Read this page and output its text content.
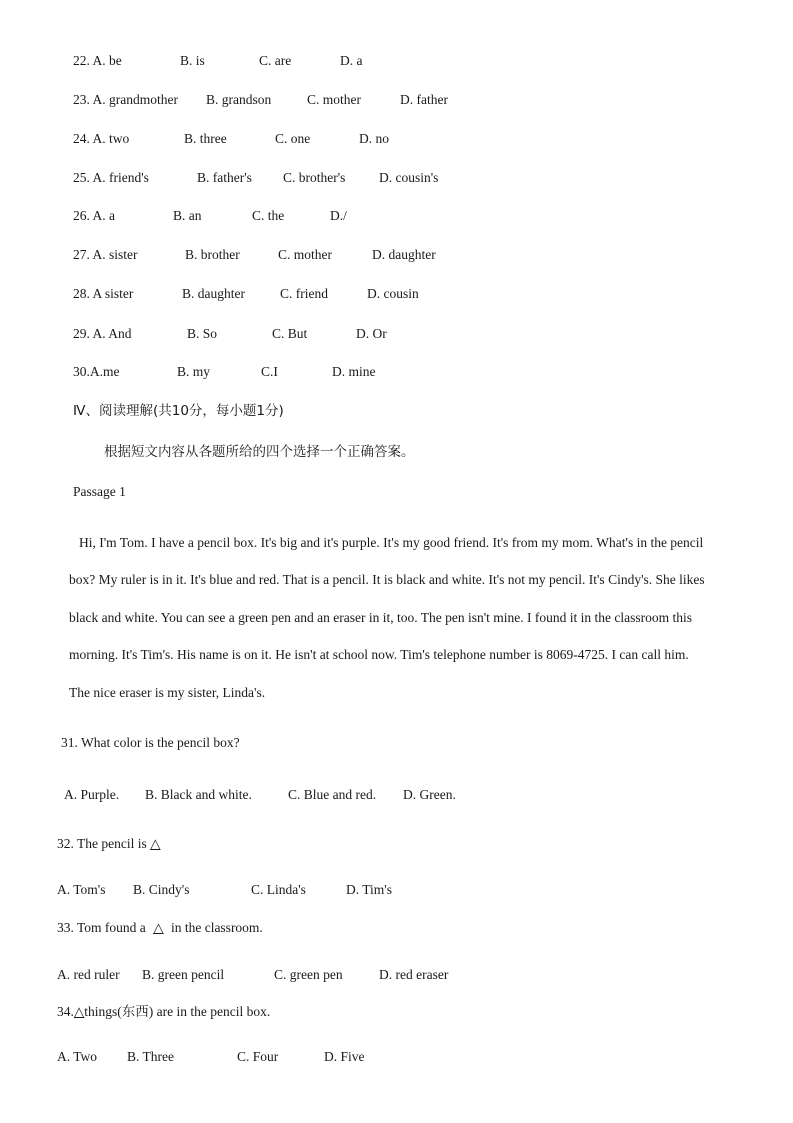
22. A. be	B. is	C. are	D. a
23. A. grandmother B. grandson	C. mother	D. father
24. A. two	B. three	C. one	D. no
25. A. friend's	B. father's C. brother's D. cousin's
26. A. a	B. an	C. the	D./
27. A. sister	B. brother	C. mother	D. daughter
28. A sister	B. daughter	C. friend	D. cousin
29. A. And	B. So	C. But	D. Or
30.A.me	B. my	C.I	D. mine
Ⅳ、阅读理解(共10分，每小题1分)
根据短文内容从各题所给的四个选择一个正确答案。
Passage 1
Hi, I'm Tom. I have a pencil box. It's big and it's purple. It's my good friend. It's from my mom. What's in the pencil
box? My ruler is in it. It's blue and red. That is a pencil. It is black and white. It's not my pencil. It's Cindy's. She likes
black and white. You can see a green pen and an eraser in it, too. The pen isn't mine. I found it in the classroom this
morning. It's Tim's. His name is on it. He isn't at school now. Tim's telephone number is 8069-4725. I can call him.
The nice eraser is my sister, Linda's.
31. What color is the pencil box?
A. Purple. B. Black and white.	C. Blue and red. D. Green.
32. The pencil is △
A. Tom's B. Cindy's	C. Linda's	D. Tim's
33. Tom found a △ in the classroom.
A. red ruler B. green pencil	C. green pen	D. red eraser
34.△things(东西) are in the pencil box.
A. Two B. Three	C. Four	D. Five
